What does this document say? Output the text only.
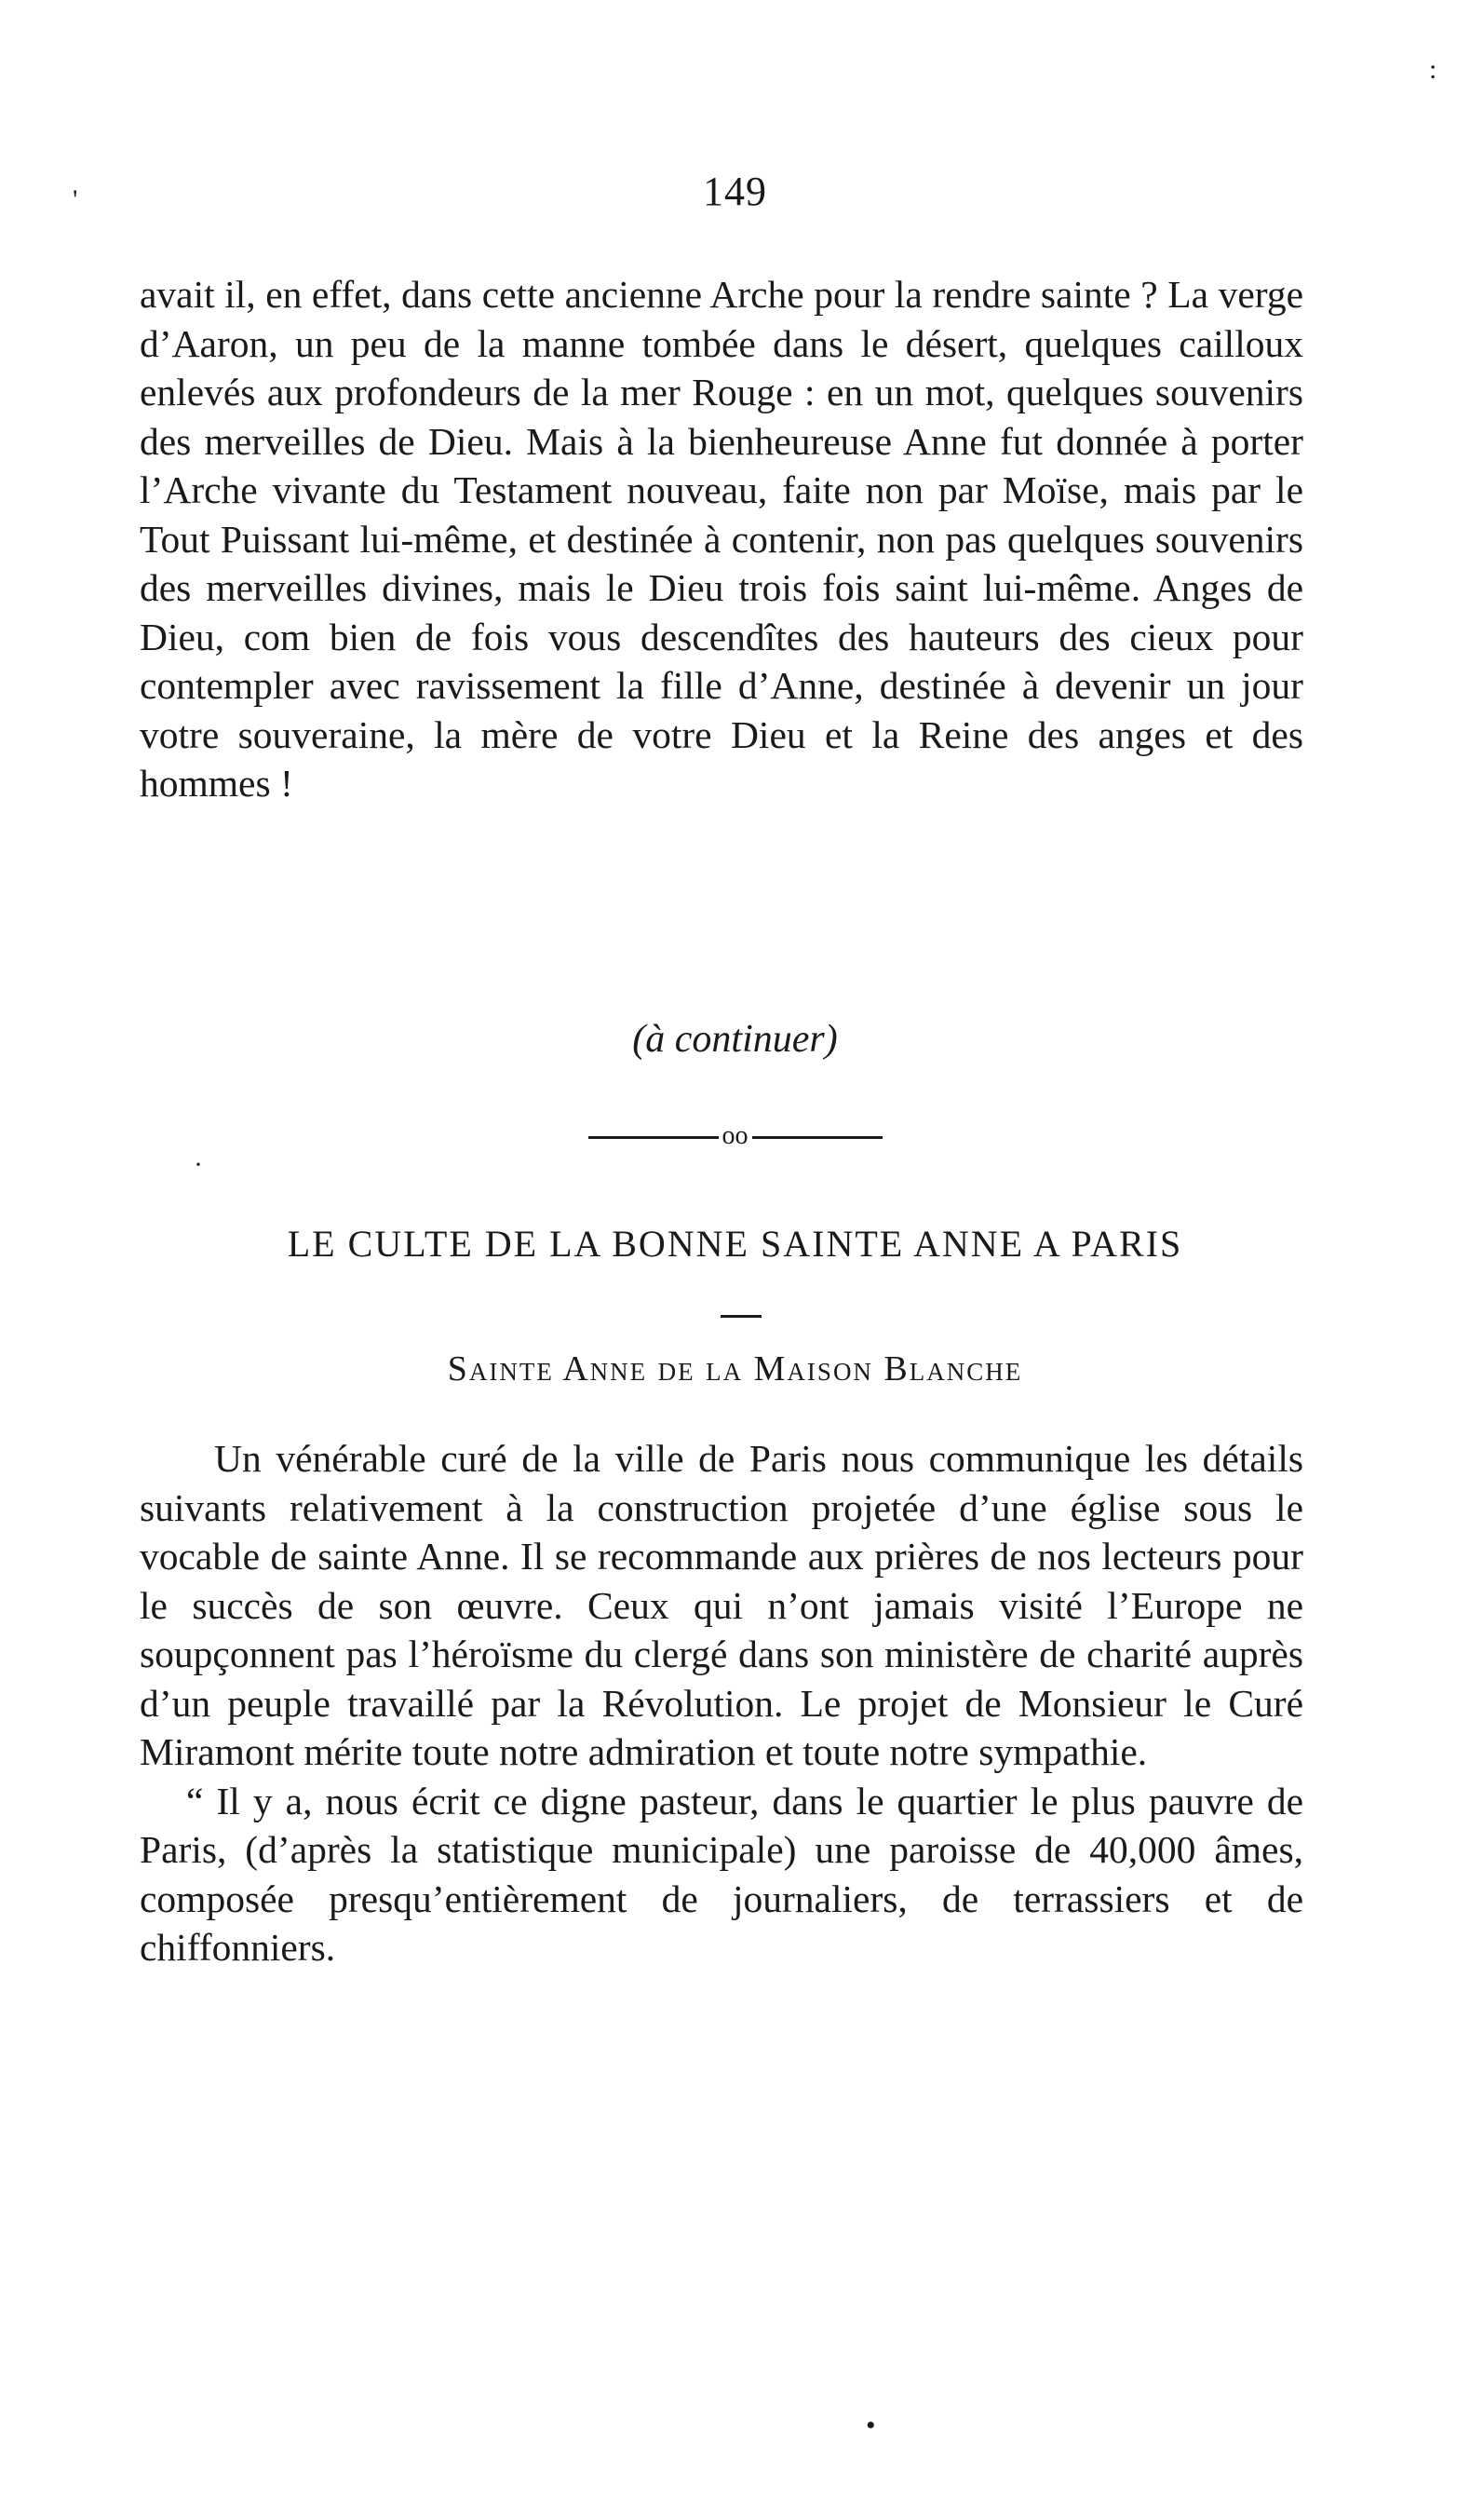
149

avait il, en effet, dans cette ancienne Arche pour la rendre sainte ? La verge d’Aaron, un peu de la manne tombée dans le désert, quelques cailloux enlevés aux profondeurs de la mer Rouge : en un mot, quelques souvenirs des merveilles de Dieu. Mais à la bienheureuse Anne fut donnée à porter l’Arche vivante du Testament nouveau, faite non par Moïse, mais par le Tout Puissant lui-même, et destinée à contenir, non pas quelques souvenirs des merveilles divines, mais le Dieu trois fois saint lui-même. Anges de Dieu, com bien de fois vous descendîtes des hauteurs des cieux pour contempler avec ravissement la fille d’Anne, destinée à devenir un jour votre souveraine, la mère de votre Dieu et la Reine des anges et des hommes !

(à continuer)
oo
LE CULTE DE LA BONNE SAINTE ANNE A PARIS
Sainte Anne de la Maison Blanche

Un vénérable curé de la ville de Paris nous communique les détails suivants relativement à la construction projetée d’une église sous le vocable de sainte Anne. Il se recommande aux prières de nos lecteurs pour le succès de son œuvre. Ceux qui n’ont jamais visité l’Europe ne soupçonnent pas l’héroïsme du clergé dans son ministère de charité auprès d’un peuple travaillé par la Révolution. Le projet de Monsieur le Curé Miramont mérite toute notre admiration et toute notre sympathie.

“ Il y a, nous écrit ce digne pasteur, dans le quartier le plus pauvre de Paris, (d’après la statistique municipale) une paroisse de 40,000 âmes, composée presqu’entièrement de journaliers, de terrassiers et de chiffonniers.

'
:
·
•
